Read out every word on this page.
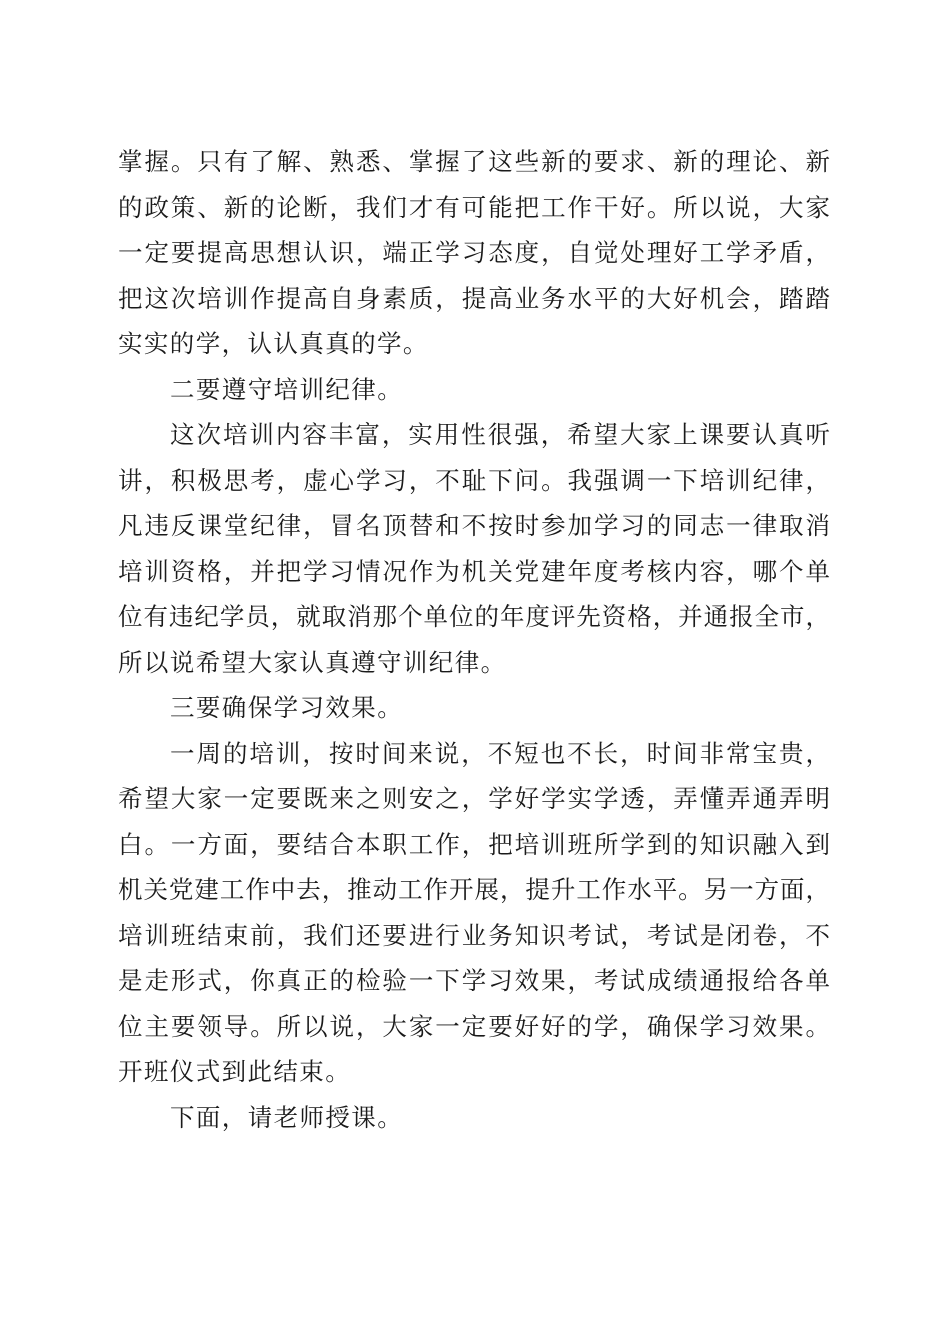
掌握。只有了解、熟悉、掌握了这些新的要求、新的理论、新
的政策、新的论断，我们才有可能把工作干好。所以说，大家
一定要提高思想认识，端正学习态度，自觉处理好工学矛盾，
把这次培训作提高自身素质，提高业务水平的大好机会，踏踏
实实的学，认认真真的学。
二要遵守培训纪律。
这次培训内容丰富，实用性很强，希望大家上课要认真听
讲，积极思考，虚心学习，不耻下问。我强调一下培训纪律，
凡违反课堂纪律，冒名顶替和不按时参加学习的同志一律取消
培训资格，并把学习情况作为机关党建年度考核内容，哪个单
位有违纪学员，就取消那个单位的年度评先资格，并通报全市，
所以说希望大家认真遵守训纪律。
三要确保学习效果。
一周的培训，按时间来说，不短也不长，时间非常宝贵，
希望大家一定要既来之则安之，学好学实学透，弄懂弄通弄明
白。一方面，要结合本职工作，把培训班所学到的知识融入到
机关党建工作中去，推动工作开展，提升工作水平。另一方面，
培训班结束前，我们还要进行业务知识考试，考试是闭卷，不
是走形式，你真正的检验一下学习效果，考试成绩通报给各单
位主要领导。所以说，大家一定要好好的学，确保学习效果。
开班仪式到此结束。
下面，请老师授课。
